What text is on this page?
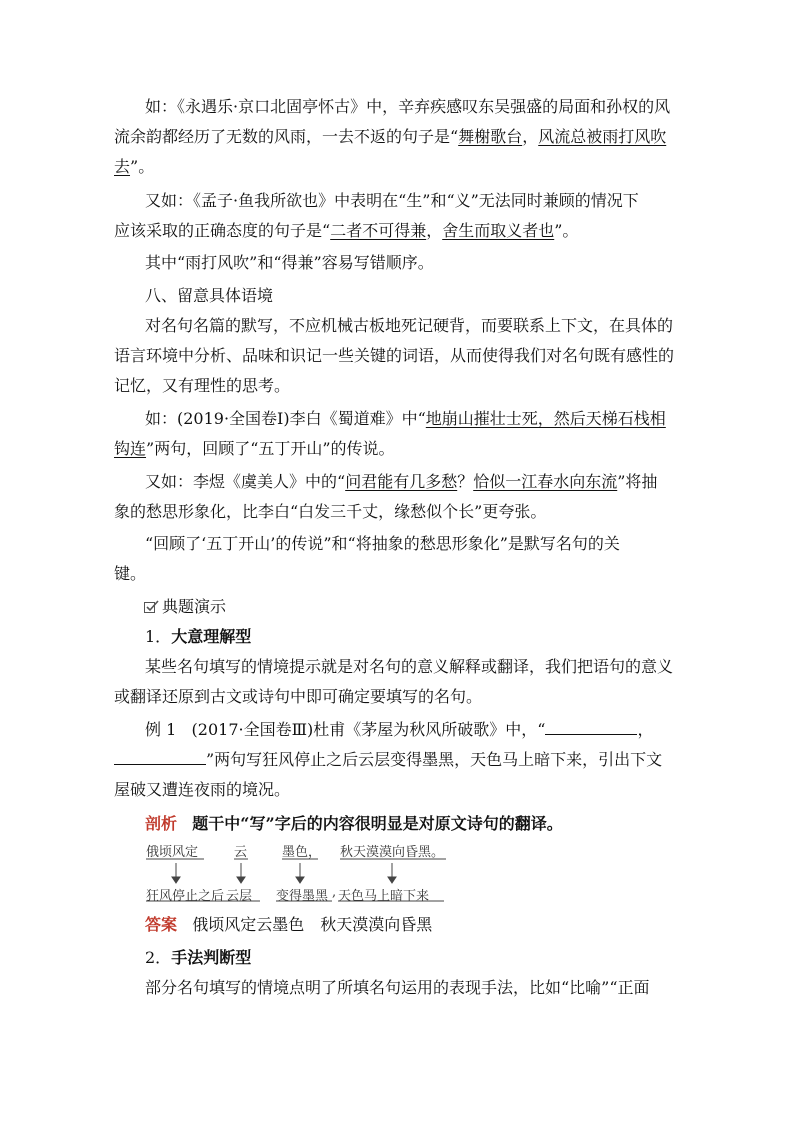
如：《永遇乐·京口北固亭怀古》中，辛弃疾感叹东吴强盛的局面和孙权的风
流余韵都经历了无数的风雨，一去不返的句子是“舞榭歌台，风流总被雨打风吹
去”。
又如：《孟子·鱼我所欲也》中表明在“生”和“义”无法同时兼顾的情况下
应该采取的正确态度的句子是“二者不可得兼，舍生而取义者也”。
其中“雨打风吹”和“得兼”容易写错顺序。
八、留意具体语境
对名句名篇的默写，不应机械古板地死记硬背，而要联系上下文，在具体的
语言环境中分析、品味和识记一些关键的词语，从而使得我们对名句既有感性的
记忆，又有理性的思考。
如：(2019·全国卷Ⅰ)李白《蜀道难》中“地崩山摧壮士死，然后天梯石栈相
钩连”两句，回顾了“五丁开山”的传说。
又如：李煜《虞美人》中的“问君能有几多愁？恰似一江春水向东流”将抽
象的愁思形象化，比李白“白发三千丈，缘愁似个长”更夸张。
“回顾了‘五丁开山’的传说”和“将抽象的愁思形象化”是默写名句的关
键。
典题演示
1．大意理解型
某些名句填写的情境提示就是对名句的意义解释或翻译，我们把语句的意义
或翻译还原到古文或诗句中即可确定要填写的名句。
例 1 (2017·全国卷Ⅲ)杜甫《茅屋为秋风所破歌》中，“	，
”两句写狂风停止之后云层变得墨黑，天色马上暗下来，引出下文
屋破又遭连夜雨的境况。
剖析 题干中“写”字后的内容很明显是对原文诗句的翻译。
俄顷风定	云	墨色， 秋天漠漠向昏黑。
狂风停止之后 云层 变得墨黑 , 天色马上暗下来
答案 俄顷风定云墨色　秋天漠漠向昏黑
2．手法判断型
部分名句填写的情境点明了所填名句运用的表现手法，比如“比喻”“正面
